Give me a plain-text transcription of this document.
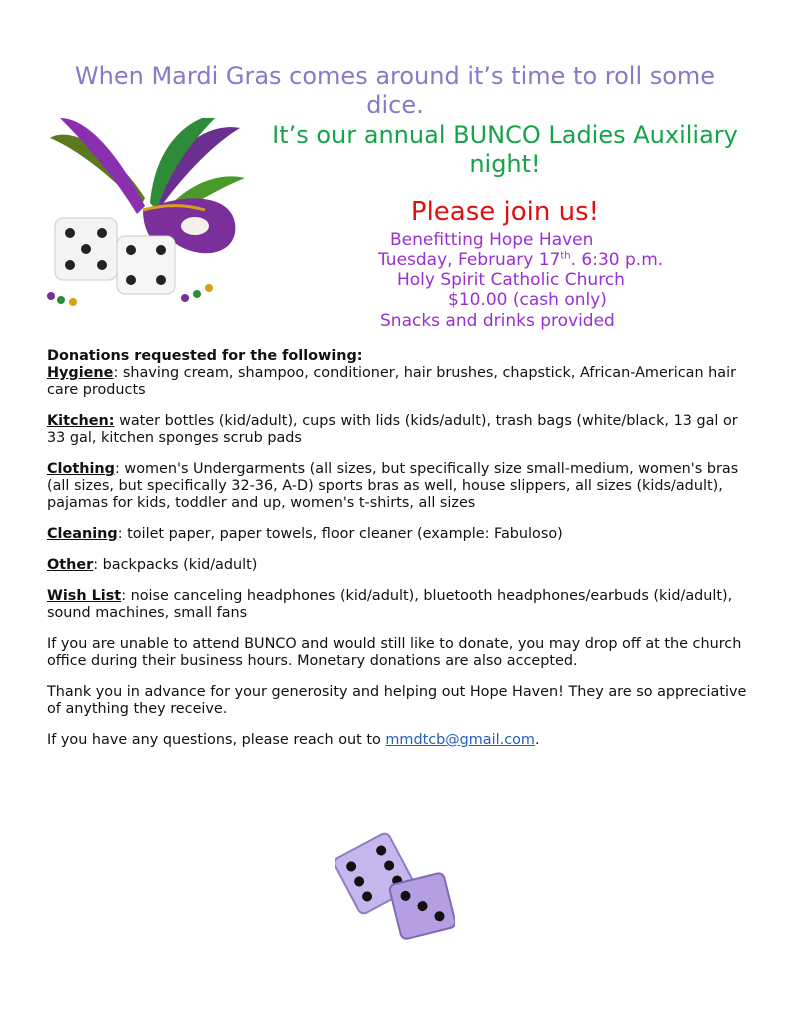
When Mardi Gras comes around it’s time to roll some dice.
It’s our annual BUNCO Ladies Auxiliary night!
Please join us!
Benefitting Hope Haven
Tuesday, February 17th. 6:30 p.m.
Holy Spirit Catholic Church
$10.00 (cash only)
Snacks and drinks provided
Donations requested for the following:

Hygiene: shaving cream, shampoo, conditioner, hair brushes, chapstick, African-American hair care products

Kitchen: water bottles (kid/adult), cups with lids (kids/adult), trash bags (white/black, 13 gal or 33 gal, kitchen sponges scrub pads

Clothing: women's Undergarments (all sizes, but specifically size small-medium, women's bras (all sizes, but specifically 32-36, A-D) sports bras as well, house slippers, all sizes (kids/adult), pajamas for kids, toddler and up, women's t-shirts, all sizes

Cleaning: toilet paper, paper towels, floor cleaner (example: Fabuloso)

Other: backpacks (kid/adult)

Wish List: noise canceling headphones (kid/adult), bluetooth headphones/earbuds (kid/adult), sound machines, small fans

If you are unable to attend BUNCO and would still like to donate, you may drop off at the church office during their business hours. Monetary donations are also accepted.

Thank you in advance for your generosity and helping out Hope Haven! They are so appreciative of anything they receive.

If you have any questions, please reach out to mmdtcb@gmail.com.
